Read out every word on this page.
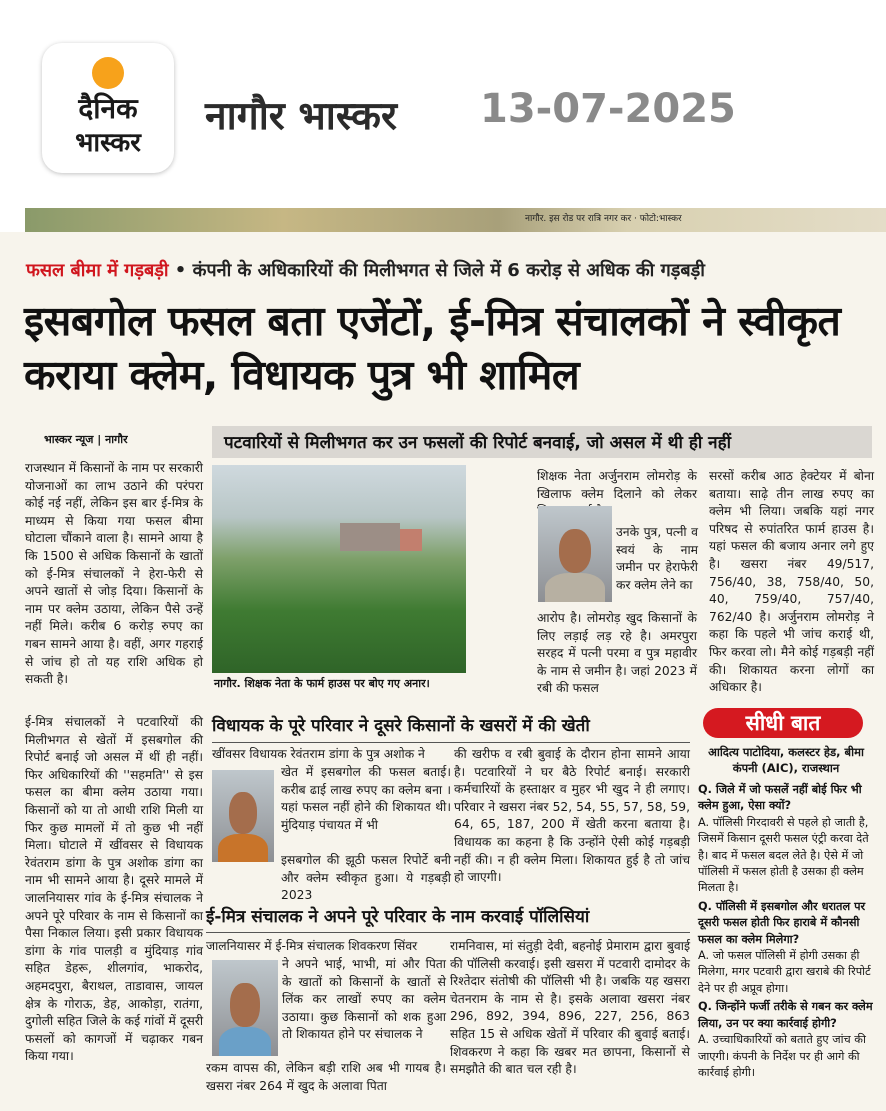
दैनिक
भास्कर
नागौर भास्कर 13-07-2025
नागौर. इस रोड पर रात्रि नगर कर · फोटो:भास्कर
फसल बीमा में गड़बड़ी • कंपनी के अधिकारियों की मिलीभगत से जिले में 6 करोड़ से अधिक की गड़बड़ी
इसबगोल फसल बता एजेंटों, ई-मित्र संचालकों ने स्वीकृत कराया क्लेम, विधायक पुत्र भी शामिल
भास्कर न्यूज | नागौर	पटवारियों से मिलीभगत कर उन फसलों की रिपोर्ट बनवाई, जो असल में थी ही नहीं
राजस्थान में किसानों के नाम पर सरकारी योजनाओं का लाभ उठाने की परंपरा कोई नई नहीं, लेकिन इस बार ई-मित्र के माध्यम से किया गया फसल बीमा घोटाला चौंकाने वाला है। सामने आया है कि 1500 से अधिक किसानों के खातों को ई-मित्र संचालकों ने हेरा-फेरी से अपने खातों से जोड़ दिया। किसानों के नाम पर क्लेम उठाया, लेकिन पैसे उन्हें नहीं मिले। करीब 6 करोड़ रुपए का गबन सामने आया है। वहीं, अगर गहराई से जांच हो तो यह राशि अधिक हो सकती है।
ई-मित्र संचालकों ने पटवारियों की मिलीभगत से खेतों में इसबगोल की रिपोर्ट बनाई जो असल में थीं ही नहीं। फिर अधिकारियों की ''सहमति'' से इस फसल का बीमा क्लेम उठाया गया। किसानों को या तो आधी राशि मिली या फिर कुछ मामलों में तो कुछ भी नहीं मिला। घोटाले में खींवसर से विधायक रेवंतराम डांगा के पुत्र अशोक डांगा का नाम भी सामने आया है। दूसरे मामले में जालनियासर गांव के ई-मित्र संचालक ने अपने पूरे परिवार के नाम से किसानों का पैसा निकाल लिया। इसी प्रकार विधायक डांगा के गांव पालड़ी व मुंदियाड़ गांव सहित डेहरू, शीलगांव, भाकरोद, अहमदपुरा, बैराथल, ताडावास, जायल क्षेत्र के गोराऊ, डेह, आकोड़ा, रातंगा, दुगोली सहित जिले के कई गांवों में दूसरी फसलों को कागजों में चढ़ाकर गबन किया गया।
नागौर. शिक्षक नेता के फार्म हाउस पर बोए गए अनार।
शिक्षक नेता अर्जुनराम लोमरोड़ के खिलाफ क्लेम दिलाने को लेकर
उनके पुत्र, पत्नी व स्वयं के नाम जमीन पर हेराफेरी कर क्लेम लेने का
आरोप है। लोमरोड़ खुद किसानों के लिए लड़ाई लड़ रहे है। अमरपुरा सरहद में पत्नी परमा व पुत्र महावीर के नाम से जमीन है। जहां 2023 में रबी की फसल
सरसों करीब आठ हेक्टेयर में बोना बताया। साढ़े तीन लाख रुपए का क्लेम भी लिया। जबकि यहां नगर परिषद से रुपांतरित फार्म हाउस है। यहां फसल की बजाय अनार लगे हुए है। खसरा नंबर 49/517, 756/40, 38, 758/40, 50, 40, 759/40, 757/40, 762/40 है। अर्जुनराम लोमरोड़ ने कहा कि पहले भी जांच कराई थी, फिर करवा लो। मैने कोई गड़बड़ी नहीं की। शिकायत करना लोगों का अधिकार है।
विधायक के पूरे परिवार ने दूसरे किसानों के खसरों में की खेती
खींवसर विधायक रेवंतराम डांगा के पुत्र अशोक ने
खेत में इसबगोल की फसल बताई। करीब ढाई लाख रुपए का क्लेम बना । यहां फसल नहीं होने की शिकायत थी। मुंदियाड़ पंचायत में भी
इसबगोल की झूठी फसल रिपोर्टे बनी और क्लेम स्वीकृत हुआ। ये गड़बड़ी 2023
की खरीफ व रबी बुवाई के दौरान होना सामने आया है। पटवारियों ने घर बैठे रिपोर्ट बनाई। सरकारी कर्मचारियों के हस्ताक्षर व मुहर भी खुद ने ही लगाए। परिवार ने खसरा नंबर 52, 54, 55, 57, 58, 59, 64, 65, 187, 200 में खेती करना बताया है। विधायक का कहना है कि उन्होंने ऐसी कोई गड़बड़ी नहीं की। न ही क्लेम मिला। शिकायत हुई है तो जांच हो जाएगी।
ई-मित्र संचालक ने अपने पूरे परिवार के नाम करवाई पॉलिसियां
जालनियासर में ई-मित्र संचालक शिवकरण सिंवर
ने अपने भाई, भाभी, मां और पिता के खातों को किसानों के खातों से लिंक कर लाखों रुपए का क्लेम उठाया। कुछ किसानों को शक हुआ तो शिकायत होने पर संचालक ने
रकम वापस की, लेकिन बड़ी राशि अब भी गायब है। खसरा नंबर 264 में खुद के अलावा पिता
रामनिवास, मां संतुड़ी देवी, बहनोई प्रेमाराम द्वारा बुवाई की पॉलिसी करवाई। इसी खसरा में पटवारी दामोदर के रिश्तेदार संतोषी की पॉलिसी भी है। जबकि यह खसरा चेतनराम के नाम से है। इसके अलावा खसरा नंबर 296, 892, 394, 896, 227, 256, 863 सहित 15 से अधिक खेतों में परिवार की बुवाई बताई। शिवकरण ने कहा कि खबर मत छापना, किसानों से समझौते की बात चल रही है।
सीधी बात
आदित्य पाटोदिया, कलस्टर हेड, बीमा कंपनी (AIC), राजस्थान
Q. जिले में जो फसलें नहीं बोई फिर भी क्लेम हुआ, ऐसा क्यों?
A. पॉलिसी गिरदावरी से पहले हो जाती है, जिसमें किसान दूसरी फसल एंट्री करवा देते है। बाद में फसल बदल लेते है। ऐसे में जो पॉलिसी में फसल होती है उसका ही क्लेम मिलता है।
Q. पॉलिसी में इसबगोल और धरातल पर दूसरी फसल होती फिर हाराबे में कौनसी फसल का क्लेम मिलेगा?
A. जो फसल पॉलिसी में होगी उसका ही मिलेगा, मगर पटवारी द्वारा खराबे की रिपोर्ट देने पर ही अप्रूव होगा।
Q. जिन्होंने फर्जी तरीके से गबन कर क्लेम लिया, उन पर क्या कार्रवाई होगी?
A. उच्चाधिकारियों को बताते हुए जांच की जाएगी। कंपनी के निर्देश पर ही आगे की कार्रवाई होगी।
